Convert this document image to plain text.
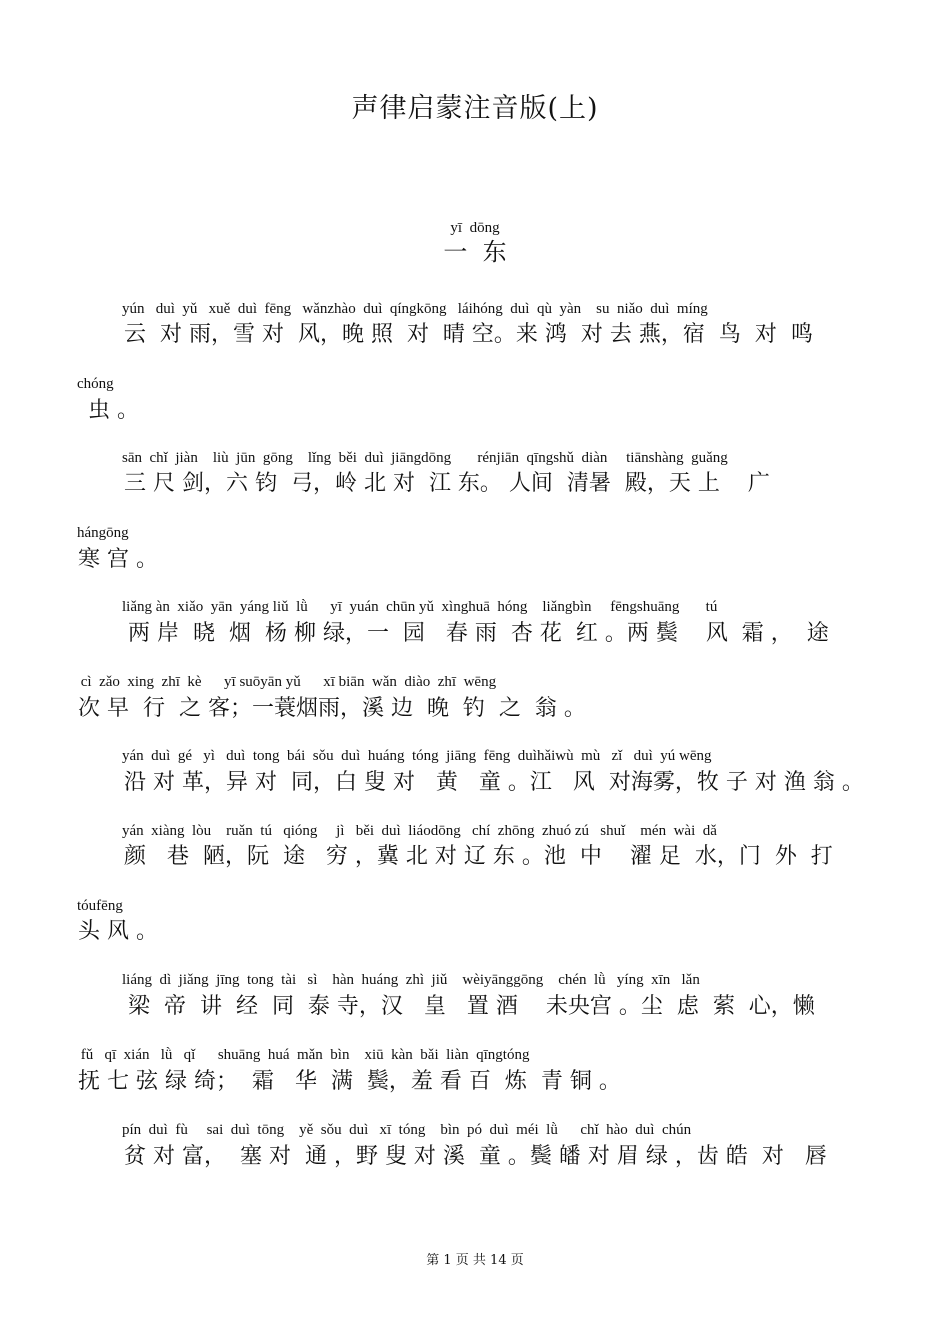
声律启蒙注音版(上)
yī  dōng
一  东
yún   duì  yǔ   xuě  duì  fēng   wǎnzhào  duì  qíngkōng   láihóng  duì  qù  yàn    su  niǎo  duì  míng
云  对 雨，雪 对  风，晚 照  对  晴 空。来 鸿  对 去 燕，宿  鸟  对  鸣
chóng
虫 。
sān  chǐ  jiàn    liù  jūn  gōng    lǐng  běi  duì  jiāngdōng       rénjiān  qīngshǔ  diàn     tiānshàng  guǎng
三 尺 剑，六 钧  弓，岭 北 对  江 东。 人间  清暑  殿，天 上    广
hángōng
寒 宫 。
liǎng àn  xiǎo  yān  yáng liǔ  lǜ      yī  yuán  chūn yǔ  xìnghuā  hóng    liǎngbìn     fēngshuāng       tú
两 岸  晓  烟  杨 柳 绿，一  园   春 雨  杏 花  红 。两 鬓    风  霜 ，  途
cì  zǎo  xing  zhī  kè      yī suōyān yǔ      xī biān  wǎn  diào  zhī  wēng
次 早  行  之 客；一蓑烟雨，溪 边  晚  钓  之  翁 。
yán  duì  gé   yì   duì  tong  bái  sǒu  duì  huáng  tóng  jiāng  fēng  duìhǎiwù  mù   zǐ   duì  yú wēng
沿 对 革，异 对  同，白 叟 对   黄   童 。江   风  对海雾，牧 子 对 渔 翁 。
yán  xiàng  lòu    ruǎn  tú   qióng     jì   běi  duì  liáodōng   chí  zhōng  zhuó zú   shuǐ    mén  wài  dǎ
颜   巷  陋，阮  途   穷 ，冀 北 对 辽 东 。池  中    濯 足  水，门  外  打
tóufēng
头 风 。
liáng  dì  jiǎng  jīng  tong  tài   sì    hàn  huáng  zhì  jiǔ    wèiyānggōng    chén  lǜ   yíng  xīn   lǎn
梁  帝  讲  经  同  泰 寺，汉   皇   置 酒    未央宫 。尘  虑  萦  心，懒
fǔ   qī  xián   lǜ   qǐ      shuāng  huá  mǎn  bìn    xiū  kàn  bǎi  liàn  qīngtóng
抚 七 弦 绿 绮；  霜   华  满  鬓，羞 看 百  炼  青 铜 。
pín  duì  fù     sai  duì  tōng    yě  sǒu  duì   xī  tóng    bìn  pó  duì  méi  lǜ      chǐ  hào  duì  chún
贫 对 富，  塞 对  通 ，野 叟 对 溪  童 。鬓 皤 对 眉 绿 ，齿 皓  对   唇
第 1 页 共 14 页
